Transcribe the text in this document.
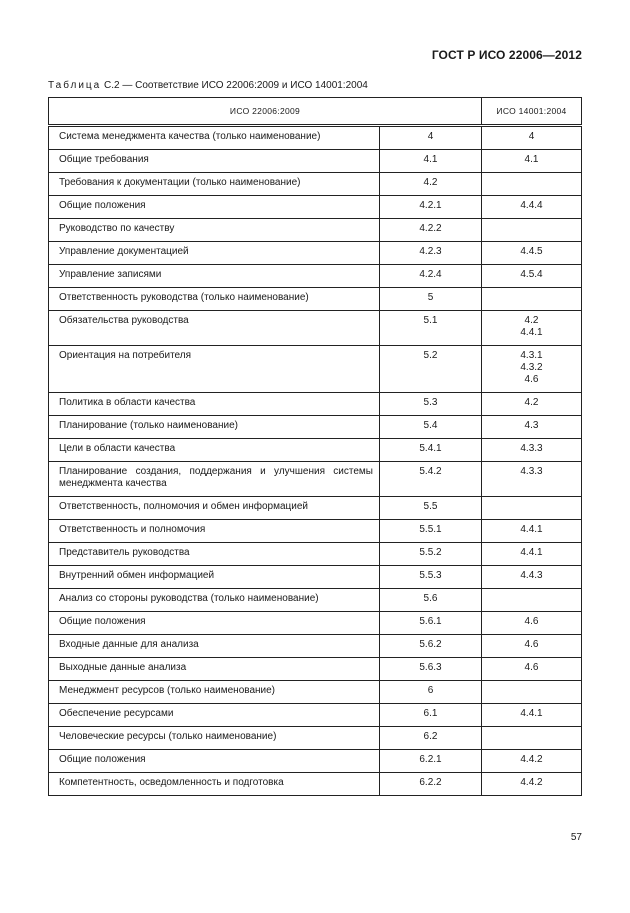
ГОСТ Р ИСО 22006—2012
Таблица С.2 — Соответствие ИСО 22006:2009 и ИСО 14001:2004
ИСО 22006:2009		ИСО 14001:2004
Система менеджмента качества (только наименование)	4	4

Общие требования	4.1	4.1

Требования к документации (только наименование)	4.2	
Общие положения	4.2.1	4.4.4

Руководство по качеству	4.2.2	
Управление документацией	4.2.3	4.4.5

Управление записями	4.2.4	4.5.4

Ответственность руководства (только наименование)	5	
Обязательства руководства	5.1	4.2
4.4.1

Ориентация на потребителя	5.2	4.3.1
4.3.2
4.6

Политика в области качества	5.3	4.2

Планирование (только наименование)	5.4	4.3

Цели в области качества	5.4.1	4.3.3

Планирование создания, поддержания и улучшения системы менеджмента качества	5.4.2	4.3.3

Ответственность, полномочия и обмен информацией	5.5	
Ответственность и полномочия	5.5.1	4.4.1

Представитель руководства	5.5.2	4.4.1

Внутренний обмен информацией	5.5.3	4.4.3

Анализ со стороны руководства (только наименование)	5.6	
Общие положения	5.6.1	4.6

Входные данные для анализа	5.6.2	4.6

Выходные данные анализа	5.6.3	4.6

Менеджмент ресурсов (только наименование)	6	
Обеспечение ресурсами	6.1	4.4.1

Человеческие ресурсы (только наименование)	6.2	
Общие положения	6.2.1	4.4.2

Компетентность, осведомленность и подготовка	6.2.2	4.4.2
57
